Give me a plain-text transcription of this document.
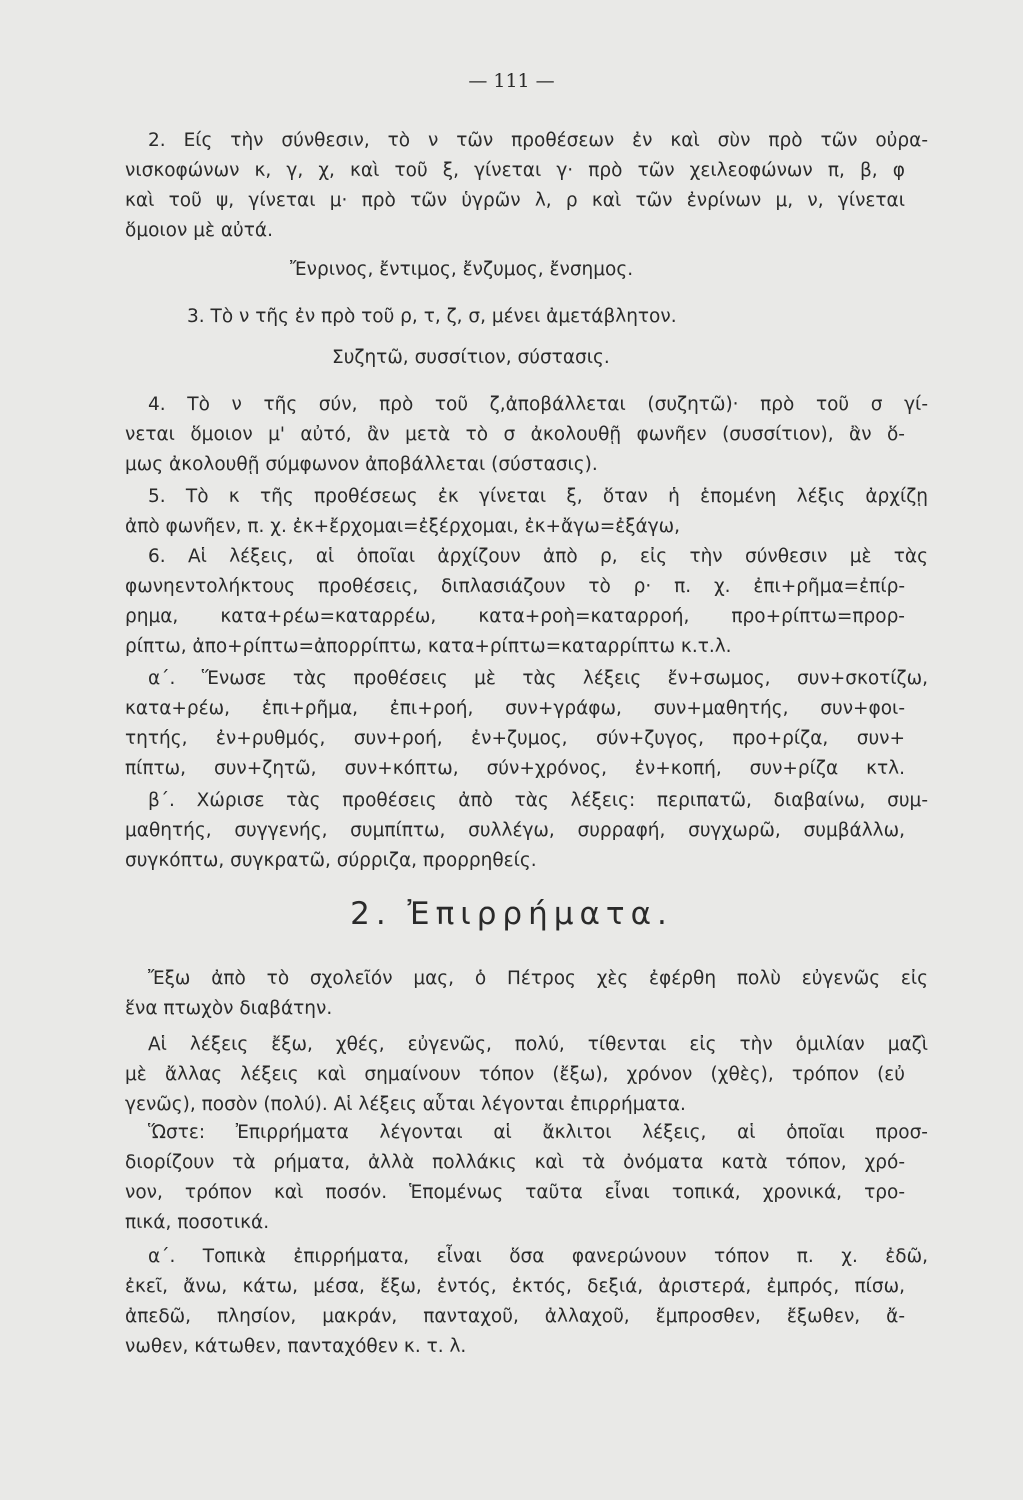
— 111 —
2. Είς τὴν σύνθεσιν, τὸ ν τῶν προθέσεων ἐν καὶ σὺν πρὸ τῶν οὐρα-
νισκοφώνων κ, γ, χ, καὶ τοῦ ξ, γίνεται γ· πρὸ τῶν χειλεοφώνων π, β, φ
καὶ τοῦ ψ, γίνεται μ· πρὸ τῶν ὑγρῶν λ, ρ καὶ τῶν ἐνρίνων μ, ν, γίνεται
ὅμοιον μὲ αὐτά.
Ἔνρινος, ἔντιμος, ἔνζυμος, ἔνσημος.
3. Τὸ ν τῆς ἐν πρὸ τοῦ ρ, τ, ζ, σ, μένει ἀμετάβλητον.
Συζητῶ, συσσίτιον, σύστασις.
4. Τὸ ν τῆς σύν, πρὸ τοῦ ζ,ἀποβάλλεται (συζητῶ)· πρὸ τοῦ σ γί-
νεται ὅμοιον μ' αὐτό, ἂν μετὰ τὸ σ ἀκολουθῇ φωνῆεν (συσσίτιον), ἂν ὅ-
μως ἀκολουθῇ σύμφωνον ἀποβάλλεται (σύστασις).
5. Τὸ κ τῆς προθέσεως ἐκ γίνεται ξ, ὅταν ἡ ἑπομένη λέξις ἀρχίζῃ
ἀπὸ φωνῆεν, π. χ. ἐκ+ἔρχομαι=ἐξέρχομαι, ἐκ+ἄγω=ἐξάγω,
6. Αἱ λέξεις, αἱ ὁποῖαι ἀρχίζουν ἀπὸ ρ, εἰς τὴν σύνθεσιν μὲ τὰς
φωνηεντολήκτους προθέσεις, διπλασιάζουν τὸ ρ· π. χ. ἐπι+ρῆμα=ἐπίρ-
ρημα, κατα+ρέω=καταρρέω, κατα+ροὴ=καταρροή, προ+ρίπτω=προρ-
ρίπτω, ἀπο+ρίπτω=ἀπορρίπτω, κατα+ρίπτω=καταρρίπτω κ.τ.λ.
α΄. Ἕνωσε τὰς προθέσεις μὲ τὰς λέξεις ἔν+σωμος, συν+σκοτίζω,
κατα+ρέω, ἐπι+ρῆμα, ἐπι+ροή, συν+γράφω, συν+μαθητής, συν+φοι-
τητής, ἐν+ρυθμός, συν+ροή, ἐν+ζυμος, σύν+ζυγος, προ+ρίζα, συν+
πίπτω, συν+ζητῶ, συν+κόπτω, σύν+χρόνος, ἐν+κοπή, συν+ρίζα κτλ.
β΄. Χώρισε τὰς προθέσεις ἀπὸ τὰς λέξεις: περιπατῶ, διαβαίνω, συμ-
μαθητής, συγγενής, συμπίπτω, συλλέγω, συρραφή, συγχωρῶ, συμβάλλω,
συγκόπτω, συγκρατῶ, σύρριζα, προρρηθείς.
2. Ἐπιρρήματα.
Ἔξω ἀπὸ τὸ σχολεῖόν μας, ὁ Πέτρος χὲς ἐφέρθη πολὺ εὐγενῶς εἰς
ἕνα πτωχὸν διαβάτην.
Αἱ λέξεις ἔξω, χθές, εὐγενῶς, πολύ, τίθενται εἰς τὴν ὁμιλίαν μαζὶ
μὲ ἄλλας λέξεις καὶ σημαίνουν τόπον (ἔξω), χρόνον (χθὲς), τρόπον (εὐ
γενῶς), ποσὸν (πολύ). Αἱ λέξεις αὗται λέγονται ἐπιρρήματα.
Ὥστε: Ἐπιρρήματα λέγονται αἱ ἄκλιτοι λέξεις, αἱ ὁποῖαι προσ-
διορίζουν τὰ ρήματα, ἀλλὰ πολλάκις καὶ τὰ ὀνόματα κατὰ τόπον, χρό-
νον, τρόπον καὶ ποσόν. Ἑπομένως ταῦτα εἶναι τοπικά, χρονικά, τρο-
πικά, ποσοτικά.
α΄. Τοπικὰ ἐπιρρήματα, εἶναι ὅσα φανερώνουν τόπον π. χ. ἐδῶ,
ἐκεῖ, ἄνω, κάτω, μέσα, ἔξω, ἐντός, ἐκτός, δεξιά, ἀριστερά, ἐμπρός, πίσω,
ἀπεδῶ, πλησίον, μακράν, πανταχοῦ, ἀλλαχοῦ, ἔμπροσθεν, ἔξωθεν, ἄ-
νωθεν, κάτωθεν, πανταχόθεν κ. τ. λ.
